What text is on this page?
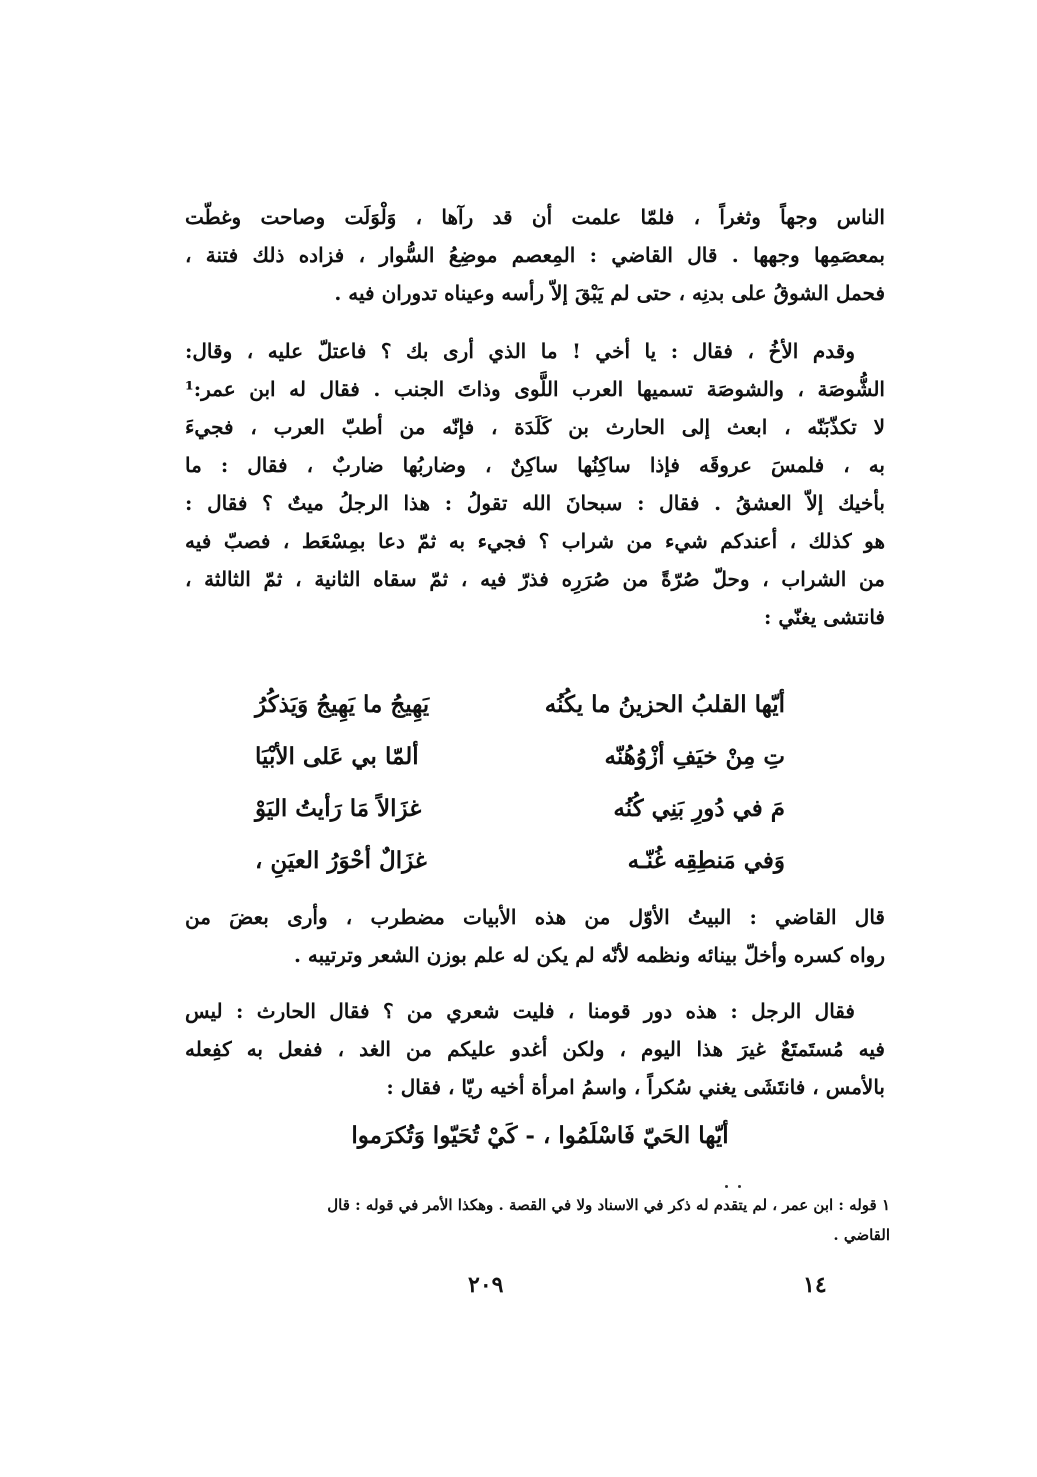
الناس وجهاً وثغراً ، فلمّا علمت أن قد رآها ، وَلْوَلَت وصاحت وغطّت
بمعصَمِها وجهها . قال القاضي : المِعصم موضِعُ السُّوار ، فزاده ذلك فتنة ،
فحمل الشوقُ على بدنِه ، حتى لم يَبْقَ إلاّ رأسه وعيناه تدوران فيه .
وقدم الأخُ ، فقال : يا أخي ! ما الذي أرى بك ؟ فاعتلّ عليه ، وقال:
الشُّوصَة ، والشوصَة تسميها العرب اللَّوى وذاتَ الجنب . فقال له ابن عمر:¹
لا تكذّبَنّه ، ابعث إلى الحارث بن كَلَدَة ، فإنّه من أطبّ العرب ، فجيءَ
به ، فلمسَ عروقَه فإذا ساكِنُها ساكِنٌ ، وضاربُها ضاربٌ ، فقال : ما
بأخيك إلاّ العشقُ . فقال : سبحانَ الله تقولُ : هذا الرجلُ ميتٌ ؟ فقال :
هو كذلك ، أعندكم شيء من شراب ؟ فجيء به ثمّ دعا بمِسْعَط ، فصبّ فيه
من الشراب ، وحلّ صُرّةً من صُرَرِه فذرّ فيه ، ثمّ سقاه الثانية ، ثمّ الثالثة ،
فانتشى يغنّي :
أيّها القلبُ الحزينُ ما يكُنُه
يَهِيجُ ما يَهِيجُ وَيَذكُرُ
تِ مِنْ خيَفِ أزْوُهُنّه
ألمّا بي عَلى الأبْيَا
مَ في دُورِ بَنِي كُنُه
غزَالاً مَا رَأيتُ اليَوْ
وَفي مَنطِقِه غُنّـه
غزَالٌ أحْوَرُ العيَنِ ،
قال القاضي : البيتُ الأوّل من هذه الأبيات مضطرب ، وأرى بعضَ من
رواه كسره وأخلّ بينائه ونظمه لأنّه لم يكن له علم بوزن الشعر وترتيبه .
فقال الرجل : هذه دور قومنا ، فليت شعري من ؟ فقال الحارث : ليس
فيه مُستَمتَعٌ غيرَ هذا اليوم ، ولكن أغدو عليكم من الغد ، ففعل به كفِعله
بالأمس ، فانتَشَى يغني سُكراً ، واسمُ امرأة أخيه ريّا ، فقال :
أيّها الحَيّ فَاسْلَمُوا ، - كَيْ تُحَيّوا وَتُكرَموا
١ قوله : ابن عمر ، لم يتقدم له ذكر في الاسناد ولا في القصة . وهكذا الأمر في قوله : قال
القاضي .
٢٠٩	١٤
